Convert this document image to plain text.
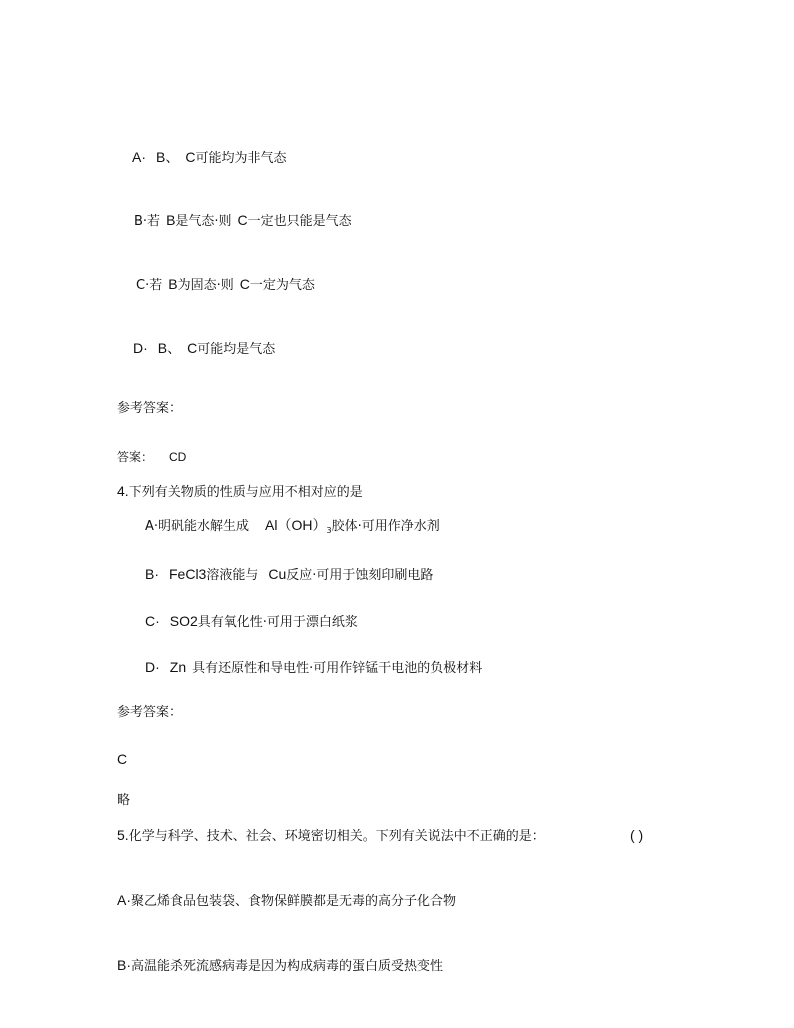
A· B、 C可能均为非气态
B·若 B是气态·则 C一定也只能是气态
C·若 B为固态·则 C一定为气态
D· B、 C可能均是气态
参考答案：
答案： CD
4.下列有关物质的性质与应用不相对应的是
A·明矾能水解生成 $Al(OH)_3$胶体·可用作净水剂
B· FeCl3溶液能与 Cu反应·可用于蚀刻印刷电路
C· SO2具有氧化性·可用于漂白纸浆
D· Zn 具有还原性和导电性·可用作锌锰干电池的负极材料
参考答案：
C
略
5.化学与科学、技术、社会、环境密切相关。下列有关说法中不正确的是：	( )
A·聚乙烯食品包装袋、食物保鲜膜都是无毒的高分子化合物
B·高温能杀死流感病毒是因为构成病毒的蛋白质受热变性
